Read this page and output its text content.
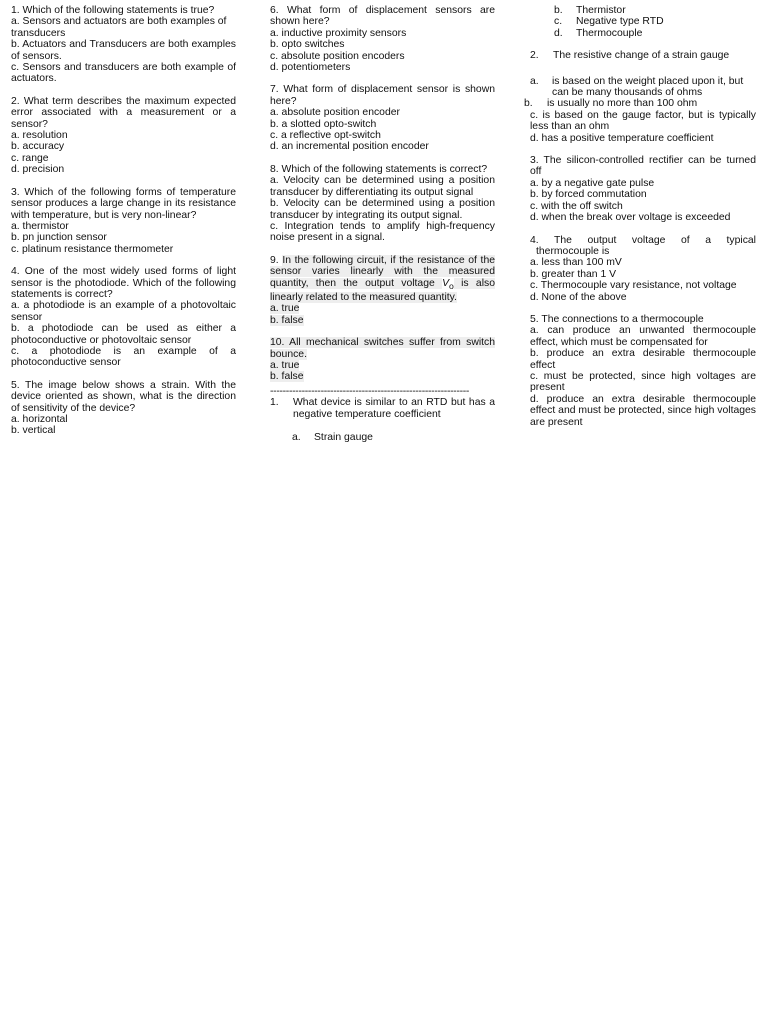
1. Which of the following statements is true?
a. Sensors and actuators are both examples of transducers
b. Actuators and Transducers are both examples of sensors.
c. Sensors and transducers are both example of actuators.
2. What term describes the maximum expected error associated with a measurement or a sensor?
a. resolution
b. accuracy
c. range
d. precision
3. Which of the following forms of temperature sensor produces a large change in its resistance with temperature, but is very non-linear?
a. thermistor
b. pn junction sensor
c. platinum resistance thermometer
4. One of the most widely used forms of light sensor is the photodiode. Which of the following statements is correct?
a. a photodiode is an example of a photovoltaic sensor
b. a photodiode can be used as either a photoconductive or photovoltaic sensor
c. a photodiode is an example of a photoconductive sensor
5. The image below shows a strain. With the device oriented as shown, what is the direction of sensitivity of the device?
a. horizontal
b. vertical
6. What form of displacement sensors are shown here?
a. inductive proximity sensors
b. opto switches
c. absolute position encoders
d. potentiometers
7. What form of displacement sensor is shown here?
a. absolute position encoder
b. a slotted opto-switch
c. a reflective opt-switch
d. an incremental position encoder
8. Which of the following statements is correct?
a. Velocity can be determined using a position transducer by differentiating its output signal
b. Velocity can be determined using a position transducer by integrating its output signal.
c. Integration tends to amplify high-frequency noise present in a signal.
9. In the following circuit, if the resistance of the sensor varies linearly with the measured quantity, then the output voltage $V_o$ is also linearly related to the measured quantity.
a. true
b. false
10. All mechanical switches suffer from switch bounce.
a. true
b. false
---------------------------------------------------------------
1.	What device is similar to an RTD but has a negative temperature coefficient
a.	Strain gauge
b.	Thermistor
c.	Negative type RTD
d.	Thermocouple
2.	The resistive change of a strain gauge
a.	is based on the weight placed upon it, but can be many thousands of ohms
b.	is usually no more than 100 ohm
c. is based on the gauge factor, but is typically less than an ohm
d. has a positive temperature coefficient
3. The silicon-controlled rectifier can be turned off
a. by a negative gate pulse
b. by forced commutation
c. with the off switch
d. when the break over voltage is exceeded
4. The output voltage of a typical
thermocouple is
a. less than 100 mV
b. greater than 1 V
c. Thermocouple vary resistance, not voltage
d. None of the above
5. The connections to a thermocouple
a. can produce an unwanted thermocouple effect, which must be compensated for
b. produce an extra desirable thermocouple effect
c. must be protected, since high voltages are present
d. produce an extra desirable thermocouple effect and must be protected, since high voltages are present
